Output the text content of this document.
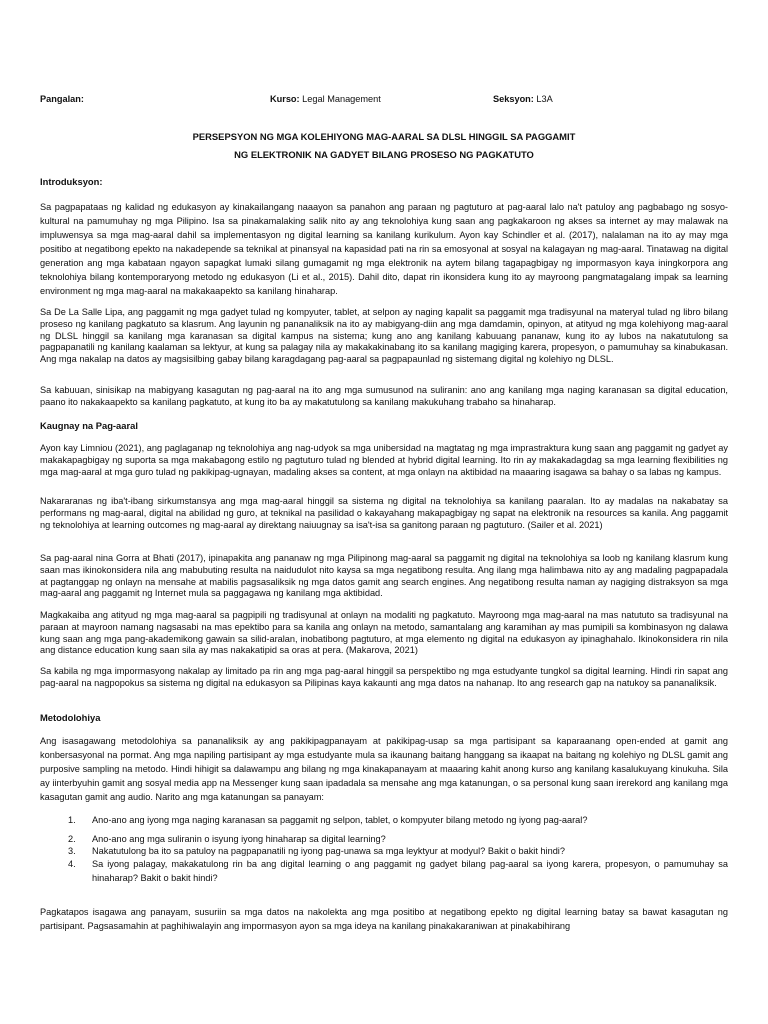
Pangalan:	Kurso: Legal Management	Seksyon: L3A
PERSEPSYON NG MGA KOLEHIYONG MAG-AARAL SA DLSL HINGGIL SA PAGGAMIT
NG ELEKTRONIK NA GADYET BILANG PROSESO NG PAGKATUTO
Introduksyon:

Sa pagpapataas ng kalidad ng edukasyon ay kinakailangang naaayon sa panahon ang paraan ng pagtuturo at pag-aaral lalo na't patuloy ang pagbabago ng sosyo-kultural na pamumuhay ng mga Pilipino. Isa sa pinakamalaking salik nito ay ang teknolohiya kung saan ang pagkakaroon ng akses sa internet ay may malawak na impluwensya sa mga mag-aaral dahil sa implementasyon ng digital learning sa kanilang kurikulum. Ayon kay Schindler et al. (2017), nalalaman na ito ay may mga positibo at negatibong epekto na nakadepende sa teknikal at pinansyal na kapasidad pati na rin sa emosyonal at sosyal na kalagayan ng mag-aaral. Tinatawag na digital generation ang mga kabataan ngayon sapagkat lumaki silang gumagamit ng mga elektronik na aytem bilang tagapagbigay ng impormasyon kaya iningkorpora ang teknolohiya bilang kontemporaryong metodo ng edukasyon (Li et al., 2015). Dahil dito, dapat rin ikonsidera kung ito ay mayroong pangmatagalang impak sa learning environment ng mga mag-aaral na makakaapekto sa kanilang hinaharap.

Sa De La Salle Lipa, ang paggamit ng mga gadyet tulad ng kompyuter, tablet, at selpon ay naging kapalit sa paggamit mga tradisyunal na materyal tulad ng libro bilang proseso ng kanilang pagkatuto sa klasrum. Ang layunin ng pananaliksik na ito ay mabigyang-diin ang mga damdamin, opinyon, at atityud ng mga kolehiyong mag-aaral ng DLSL hinggil sa kanilang mga karanasan sa digital kampus na sistema; kung ano ang kanilang kabuuang pananaw, kung ito ay lubos na nakatutulong sa pagpapanatili ng kanilang kaalaman sa lektyur, at kung sa palagay nila ay makakakinabang ito sa kanilang magiging karera, propesyon, o pamumuhay sa kinabukasan. Ang mga nakalap na datos ay magsisilbing gabay bilang karagdagang pag-aaral sa pagpapaunlad ng sistemang digital ng kolehiyo ng DLSL.

Sa kabuuan, sinisikap na mabigyang kasagutan ng pag-aaral na ito ang mga sumusunod na suliranin: ano ang kanilang mga naging karanasan sa digital education, paano ito nakakaapekto sa kanilang pagkatuto, at kung ito ba ay makatutulong sa kanilang makukuhang trabaho sa hinaharap.

Kaugnay na Pag-aaral

Ayon kay Limniou (2021), ang paglaganap ng teknolohiya ang nag-udyok sa mga unibersidad na magtatag ng mga imprastraktura kung saan ang paggamit ng gadyet ay makakapagbigay ng suporta sa mga makabagong estilo ng pagtuturo tulad ng blended at hybrid digital learning. Ito rin ay makakadagdag sa mga learning flexibilities ng mga mag-aaral at mga guro tulad ng pakikipag-ugnayan, madaling akses sa content, at mga onlayn na aktibidad na maaaring isagawa sa bahay o sa labas ng kampus.

Nakararanas ng iba't-ibang sirkumstansya ang mga mag-aaral hinggil sa sistema ng digital na teknolohiya sa kanilang paaralan. Ito ay madalas na nakabatay sa performans ng mag-aaral, digital na abilidad ng guro, at teknikal na pasilidad o kakayahang makapagbigay ng sapat na elektronik na resources sa kanila. Ang paggamit ng teknolohiya at learning outcomes ng mag-aaral ay direktang naiuugnay sa isa't-isa sa ganitong paraan ng pagtuturo. (Sailer et al. 2021)

Sa pag-aaral nina Gorra at Bhati (2017), ipinapakita ang pananaw ng mga Pilipinong mag-aaral sa paggamit ng digital na teknolohiya sa loob ng kanilang klasrum kung saan mas ikinokonsidera nila ang mabubuting resulta na naidudulot nito kaysa sa mga negatibong resulta. Ang ilang mga halimbawa nito ay ang madaling pagpapadala at pagtanggap ng onlayn na mensahe at mabilis pagsasaliksik ng mga datos gamit ang search engines. Ang negatibong resulta naman ay nagiging distraksyon sa mga mag-aaral ang paggamit ng Internet mula sa paggagawa ng kanilang mga aktibidad.

Magkakaiba ang atityud ng mga mag-aaral sa pagpipili ng tradisyunal at onlayn na modaliti ng pagkatuto. Mayroong mga mag-aaral na mas natututo sa tradisyunal na paraan at mayroon namang nagsasabi na mas epektibo para sa kanila ang onlayn na metodo, samantalang ang karamihan ay mas pumipili sa kombinasyon ng dalawa kung saan ang mga pang-akademikong gawain sa silid-aralan, inobatibong pagtuturo, at mga elemento ng digital na edukasyon ay ipinaghahalo. Ikinokonsidera rin nila ang distance education kung saan sila ay mas nakakatipid sa oras at pera. (Makarova, 2021)

Sa kabila ng mga impormasyong nakalap ay limitado pa rin ang mga pag-aaral hinggil sa perspektibo ng mga estudyante tungkol sa digital learning. Hindi rin sapat ang pag-aaral na nagpopokus sa sistema ng digital na edukasyon sa Pilipinas kaya kakaunti ang mga datos na nahanap. Ito ang research gap na natukoy sa pananaliksik.

Metodolohiya

Ang isasagawang metodolohiya sa pananaliksik ay ang pakikipagpanayam at pakikipag-usap sa mga partisipant sa kaparaanang open-ended at gamit ang konbersasyonal na pormat. Ang mga napiling partisipant ay mga estudyante mula sa ikaunang baitang hanggang sa ikaapat na baitang ng kolehiyo ng DLSL gamit ang purposive sampling na metodo. Hindi hihigit sa dalawampu ang bilang ng mga kinakapanayam at maaaring kahit anong kurso ang kanilang kasalukuyang kinukuha. Sila ay iinterbyuhin gamit ang sosyal media app na Messenger kung saan ipadadala sa mensahe ang mga katanungan, o sa personal kung saan irerekord ang kanilang mga kasagutan gamit ang audio. Narito ang mga katanungan sa panayam:

1. Ano-ano ang iyong mga naging karanasan sa paggamit ng selpon, tablet, o kompyuter bilang metodo ng iyong pag-aaral?
2. Ano-ano ang mga suliranin o isyung iyong hinaharap sa digital learning?
3. Nakatutulong ba ito sa patuloy na pagpapanatili ng iyong pag-unawa sa mga leyktyur at modyul? Bakit o bakit hindi?
4. Sa iyong palagay, makakatulong rin ba ang digital learning o ang paggamit ng gadyet bilang pag-aaral sa iyong karera, propesyon, o pamumuhay sa hinaharap? Bakit o bakit hindi?

Pagkatapos isagawa ang panayam, susuriin sa mga datos na nakolekta ang mga positibo at negatibong epekto ng digital learning batay sa bawat kasagutan ng partisipant. Pagsasamahin at paghihiwalayin ang impormasyon ayon sa mga ideya na kanilang pinakakaraniwan at pinakabihirang
